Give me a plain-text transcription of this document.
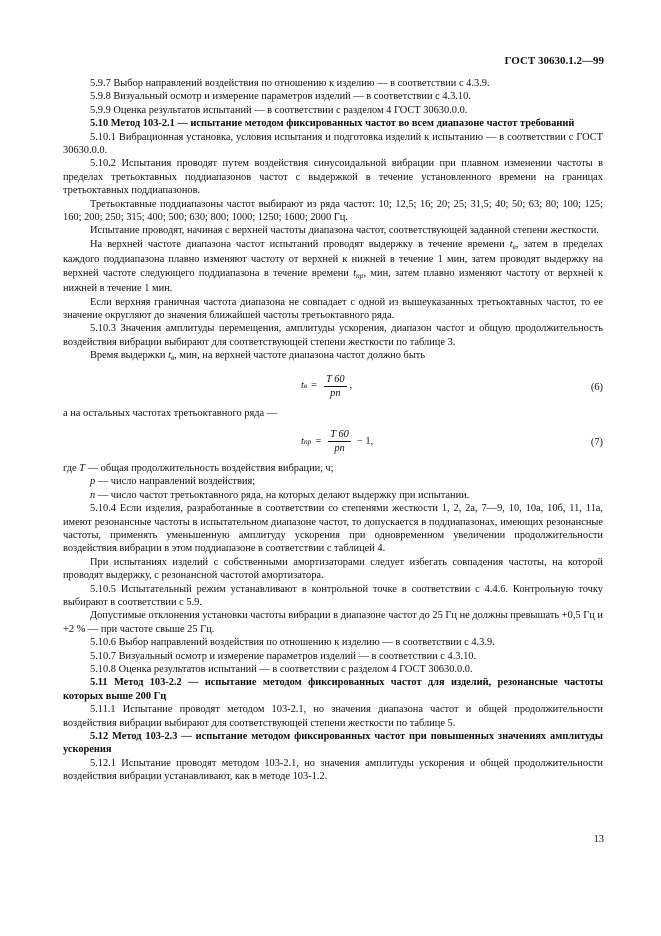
ГОСТ 30630.1.2—99

5.9.7 Выбор направлений воздействия по отношению к изделию — в соответствии с 4.3.9.

5.9.8 Визуальный осмотр и измерение параметров изделий — в соответствии с 4.3.10.

5.9.9 Оценка результатов испытаний — в соответствии с разделом 4 ГОСТ 30630.0.0.

5.10 Метод 103-2.1 — испытание методом фиксированных частот во всем диапазоне частот требований

5.10.1 Вибрационная установка, условия испытания и подготовка изделий к испытанию — в соответствии с ГОСТ 30630.0.0.

5.10.2 Испытания проводят путем воздействия синусоидальной вибрации при плавном изменении частоты в пределах третьоктавных поддиапазонов частот с выдержкой в течение установленного времени на границах третьоктавных поддиапазонов.

Третьоктавные поддиапазоны частот выбирают из ряда частот: 10; 12,5; 16; 20; 25; 31,5; 40; 50; 63; 80; 100; 125; 160; 200; 250; 315; 400; 500; 630; 800; 1000; 1250; 1600; 2000 Гц.

Испытание проводят, начиная с верхней частоты диапазона частот, соответствующей заданной степени жесткости.

На верхней частоте диапазона частот испытаний проводят выдержку в течение времени $t_в$, затем в пределах каждого поддиапазона плавно изменяют частоту от верхней к нижней в течение 1 мин, затем проводят выдержку на верхней частоте следующего поддиапазона в течение времени $t_{пр}$, мин, затем плавно изменяют частоту от верхней к нижней в течение 1 мин.

Если верхняя граничная частота диапазона не совпадает с одной из вышеуказанных третьоктавных частот, то ее значение округляют до значения ближайшей частоты третьоктавного ряда.

5.10.3 Значения амплитуды перемещения, амплитуды ускорения, диапазон частот и общую продолжительность воздействия вибрации выбирают для соответствующей степени жесткости по таблице 3.

Время выдержки $t_в$, мин, на верхней частоте диапазона частот должно быть

t $в = \frac{T 60}{pn}$ ,	(6)

а на остальных частотах третьоктавного ряда —

t пр = $\frac{T 60}{pn} - 1$,	(7)

где T — общая продолжительность воздействия вибрации, ч;

p — число направлений воздействия;

n — число частот третьоктавного ряда, на которых делают выдержку при испытании.

5.10.4 Если изделия, разработанные в соответствии со степенями жесткости 1, 2, 2а, 7—9, 10, 10а, 10б, 11, 11а, имеют резонансные частоты в испытательном диапазоне частот, то допускается в поддиапазонах, имеющих резонансные частоты, применять уменьшенную амплитуду ускорения при одновременном увеличении продолжительности воздействия вибрации в этом поддиапазоне в соответствии с таблицей 4.

При испытаниях изделий с собственными амортизаторами следует избегать совпадения частоты, на которой проводят выдержку, с резонансной частотой амортизатора.

5.10.5 Испытательный режим устанавливают в контрольной точке в соответствии с 4.4.6. Контрольную точку выбирают в соответствии с 5.9.

Допустимые отклонения установки частоты вибрации в диапазоне частот до 25 Гц не должны превышать +0,5 Гц и +2 % — при частоте свыше 25 Гц.

5.10.6 Выбор направлений воздействия по отношению к изделию — в соответствии с 4.3.9.

5.10.7 Визуальный осмотр и измерение параметров изделий — в соответствии с 4.3.10.

5.10.8 Оценка результатов испытаний — в соответствии с разделом 4 ГОСТ 30630.0.0.

5.11 Метод 103-2.2 — испытание методом фиксированных частот для изделий, резонансные частоты которых выше 200 Гц

5.11.1 Испытание проводят методом 103-2.1, но значения диапазона частот и общей продолжительности воздействия вибрации выбирают для соответствующей степени жесткости по таблице 5.

5.12 Метод 103-2.3 — испытание методом фиксированных частот при повышенных значениях амплитуды ускорения

5.12.1 Испытание проводят методом 103-2.1, но значения амплитуды ускорения и общей продолжительности воздействия вибрации устанавливают, как в методе 103-1.2.

13
